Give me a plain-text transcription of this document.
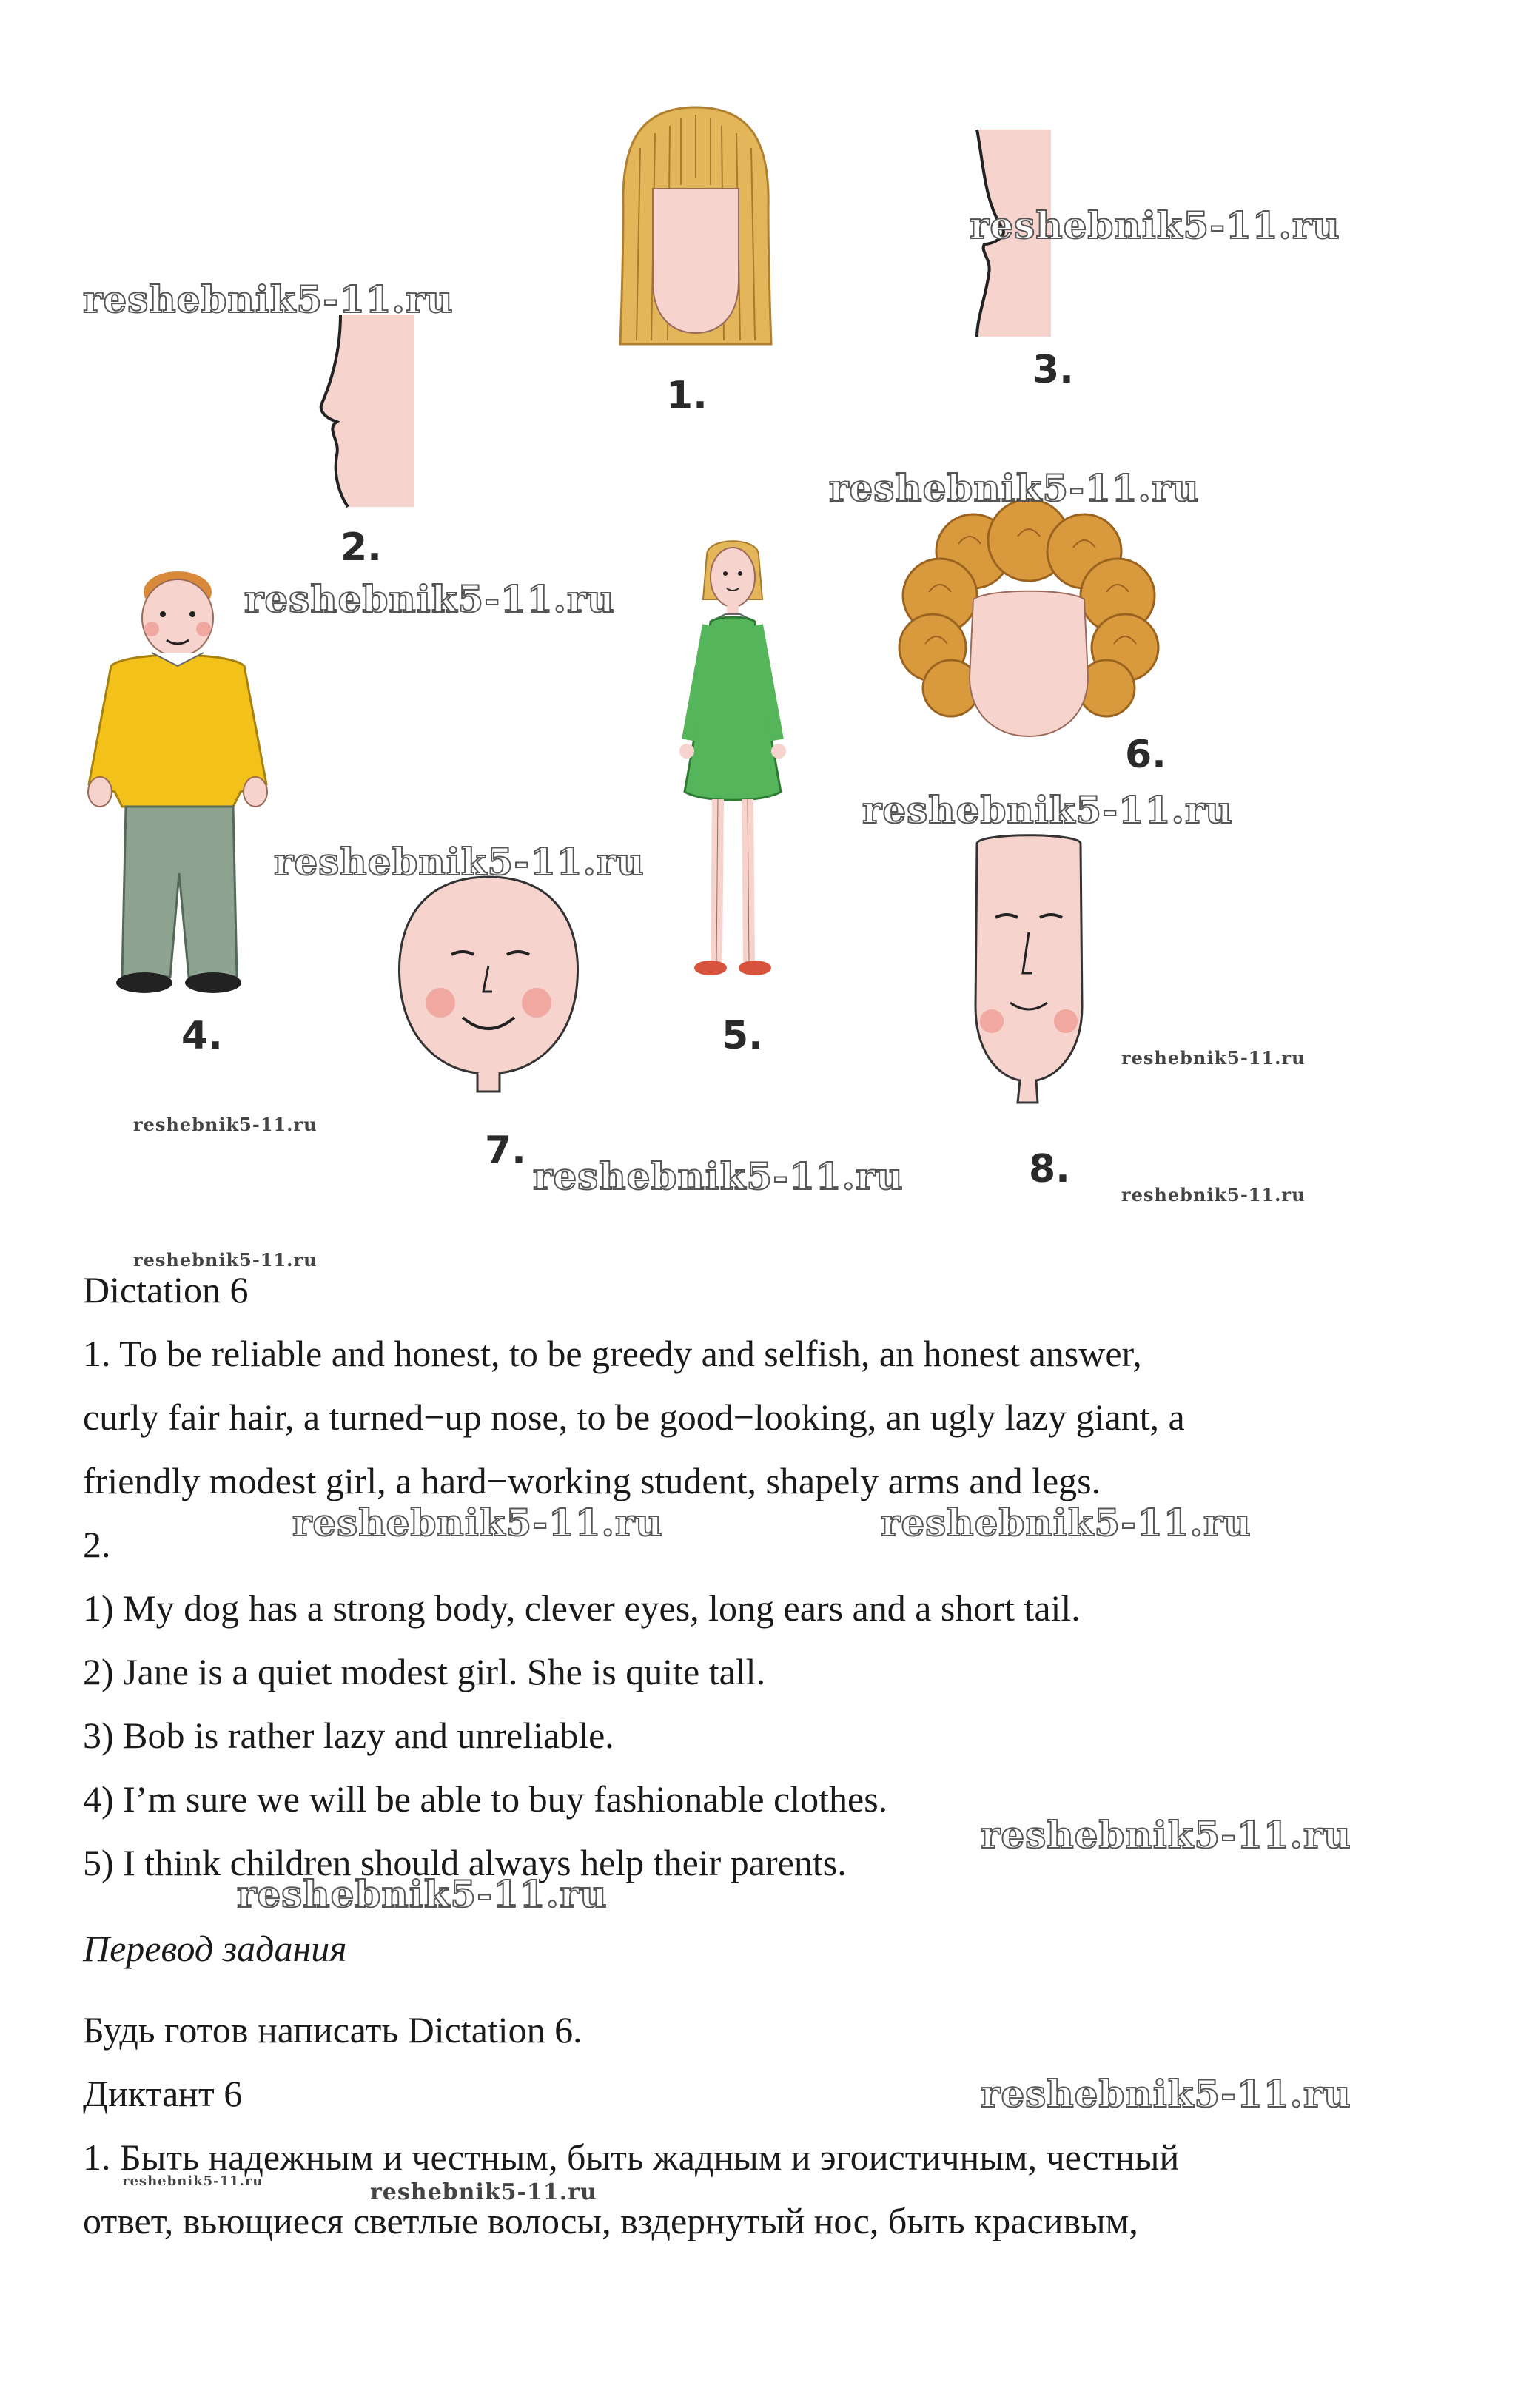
1.
3.
2.
6.
4.	5.
7.	8.
reshebnik5-11.ru
reshebnik5-11.ru
reshebnik5-11.ru
reshebnik5-11.ru
reshebnik5-11.ru
reshebnik5-11.ru
reshebnik5-11.ru
reshebnik5-11.ru
reshebnik5-11.ru	reshebnik5-11.ru
reshebnik5-11.ru
Dictation 6
1. To be reliable and honest, to be greedy and selfish, an honest answer,
curly fair hair, a turned−up nose, to be good−looking, an ugly lazy giant, a
friendly modest girl, a hard−working student, shapely arms and legs.
2.	reshebnik5-11.ru	reshebnik5-11.ru
1) My dog has a strong body, clever eyes, long ears and a short tail.
2) Jane is a quiet modest girl. She is quite tall.
3) Bob is rather lazy and unreliable.
4) I’m sure we will be able to buy fashionable clothes.
5) I think children should always help their parents.
reshebnik5-11.ru
reshebnik5-11.ru
Перевод задания
Будь готов написать Dictation 6.
Диктант 6	reshebnik5-11.ru
1. Быть надежным и честным, быть жадным и эгоистичным, честный
reshebnik5-11.ru	reshebnik5-11.ru
ответ, вьющиеся светлые волосы, вздернутый нос, быть красивым,
